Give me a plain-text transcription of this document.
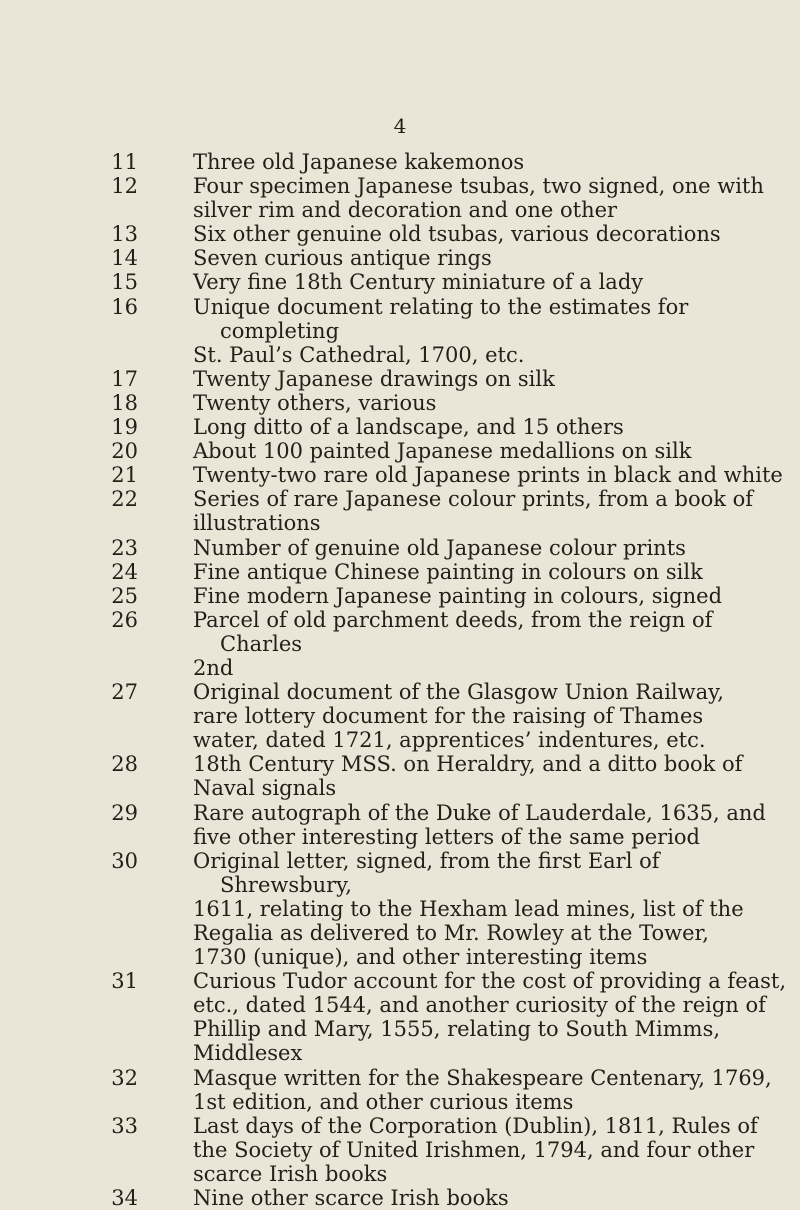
4
11	Three old Japanese kakemonos
12	Four specimen Japanese tsubas, two signed, one with
silver rim and decoration and one other
13	Six other genuine old tsubas, various decorations
14	Seven curious antique rings
15	Very fine 18th Century miniature of a lady
16	Unique document relating to the estimates for completing
St. Paul’s Cathedral, 1700, etc.
17	Twenty Japanese drawings on silk
18	Twenty others, various
19	Long ditto of a landscape, and 15 others
20	About 100 painted Japanese medallions on silk
21	Twenty-two rare old Japanese prints in black and white
22	Series of rare Japanese colour prints, from a book of
illustrations
23	Number of genuine old Japanese colour prints
24	Fine antique Chinese painting in colours on silk
25	Fine modern Japanese painting in colours, signed
26	Parcel of old parchment deeds, from the reign of Charles
2nd
27	Original document of the Glasgow Union Railway,
rare lottery document for the raising of Thames
water, dated 1721, apprentices’ indentures, etc.
28	18th Century MSS. on Heraldry, and a ditto book of
Naval signals
29	Rare autograph of the Duke of Lauderdale, 1635, and
five other interesting letters of the same period
30	Original letter, signed, from the first Earl of Shrewsbury,
1611, relating to the Hexham lead mines, list of the
Regalia as delivered to Mr. Rowley at the Tower,
1730 (unique), and other interesting items
31	Curious Tudor account for the cost of providing a feast,
etc., dated 1544, and another curiosity of the reign of
Phillip and Mary, 1555, relating to South Mimms,
Middlesex
32	Masque written for the Shakespeare Centenary, 1769,
1st edition, and other curious items
33	Last days of the Corporation (Dublin), 1811, Rules of
the Society of United Irishmen, 1794, and four other
scarce Irish books
34	Nine other scarce Irish books
